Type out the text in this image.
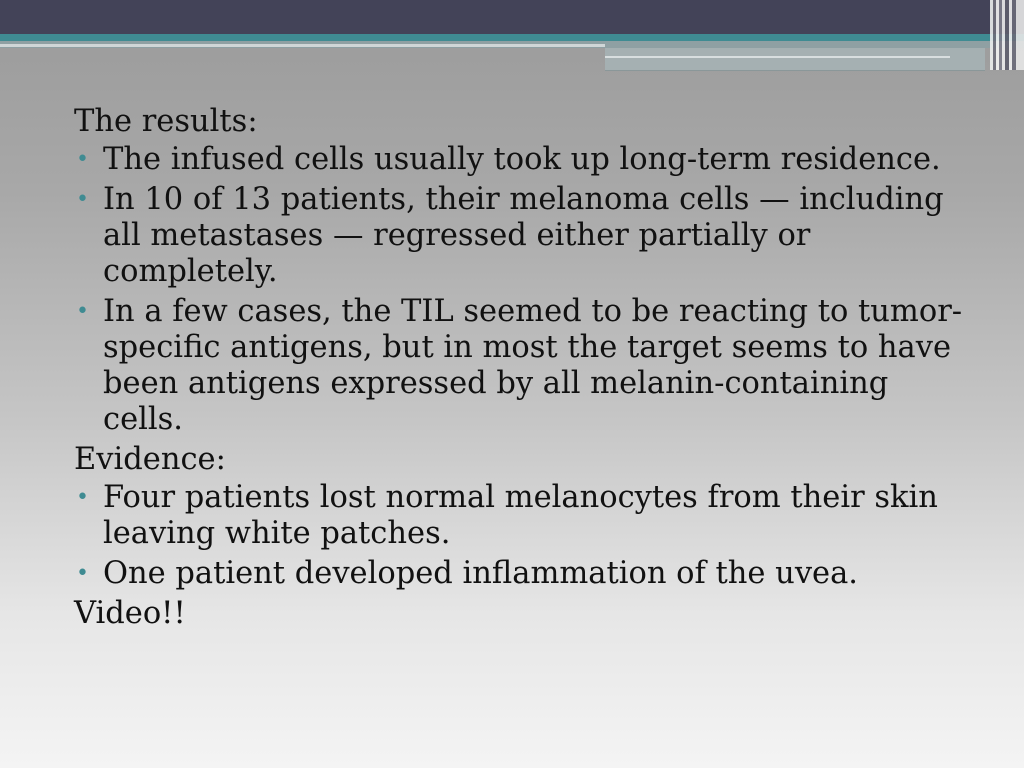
The results:

• The infused cells usually took up long-term residence.
• In 10 of 13 patients, their melanoma cells — including all metastases — regressed either partially or completely.
• In a few cases, the TIL seemed to be reacting to tumor-specific antigens, but in most the target seems to have been antigens expressed by all melanin-containing cells.

Evidence:

• Four patients lost normal melanocytes from their skin leaving white patches.
• One patient developed inflammation of the uvea.

Video!!
